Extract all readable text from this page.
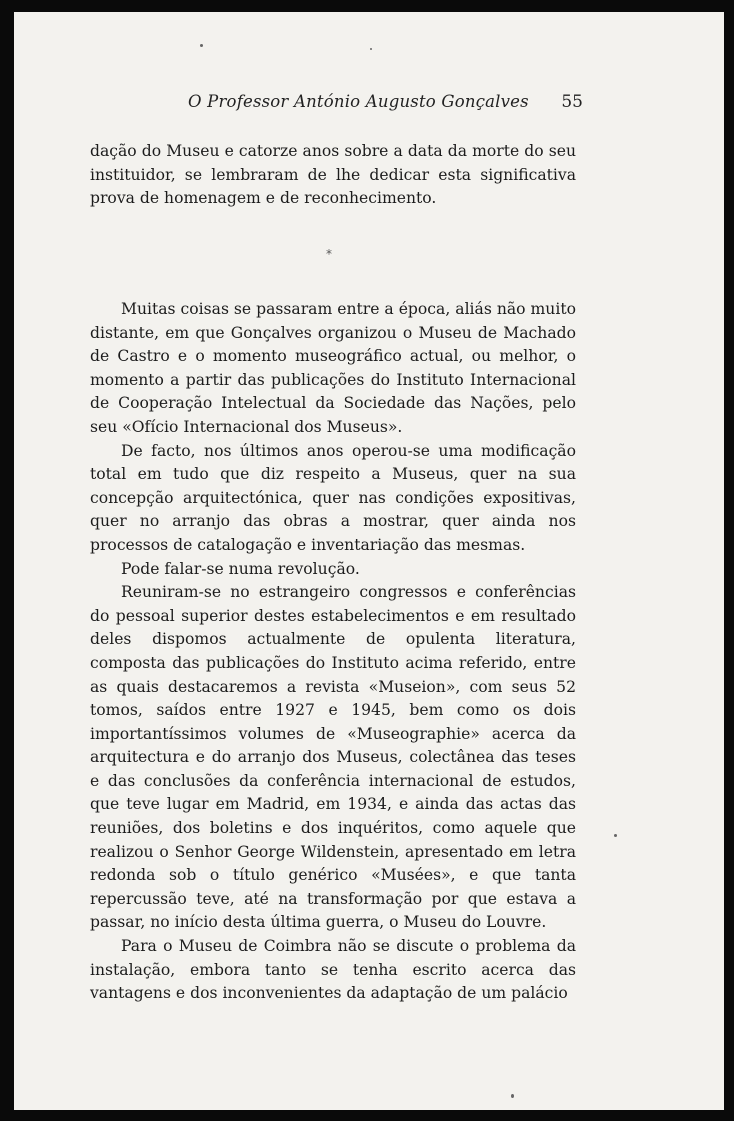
O Professor António Augusto Gonçalves 55

dação do Museu e catorze anos sobre a data da morte do seu instituidor, se lembraram de lhe dedicar esta significativa prova de homenagem e de reconhecimento.

*

Muitas coisas se passaram entre a época, aliás não muito distante, em que Gonçalves organizou o Museu de Machado de Castro e o momento museográfico actual, ou melhor, o momento a partir das publicações do Instituto Internacional de Cooperação Intelectual da Sociedade das Nações, pelo seu «Ofício Internacional dos Museus».

De facto, nos últimos anos operou-se uma modificação total em tudo que diz respeito a Museus, quer na sua concepção arquitectónica, quer nas condições expositivas, quer no arranjo das obras a mostrar, quer ainda nos processos de catalogação e inventariação das mesmas.

Pode falar-se numa revolução.

Reuniram-se no estrangeiro congressos e conferências do pessoal superior destes estabelecimentos e em resultado deles dispomos actualmente de opulenta literatura, composta das publicações do Instituto acima referido, entre as quais destacaremos a revista «Museion», com seus 52 tomos, saídos entre 1927 e 1945, bem como os dois importantíssimos volumes de «Museographie» acerca da arquitectura e do arranjo dos Museus, colectânea das teses e das conclusões da conferência internacional de estudos, que teve lugar em Madrid, em 1934, e ainda das actas das reuniões, dos boletins e dos inquéritos, como aquele que realizou o Senhor George Wildenstein, apresentado em letra redonda sob o título genérico «Musées», e que tanta repercussão teve, até na transformação por que estava a passar, no início desta última guerra, o Museu do Louvre.

Para o Museu de Coimbra não se discute o problema da instalação, embora tanto se tenha escrito acerca das vantagens e dos inconvenientes da adaptação de um palácio
